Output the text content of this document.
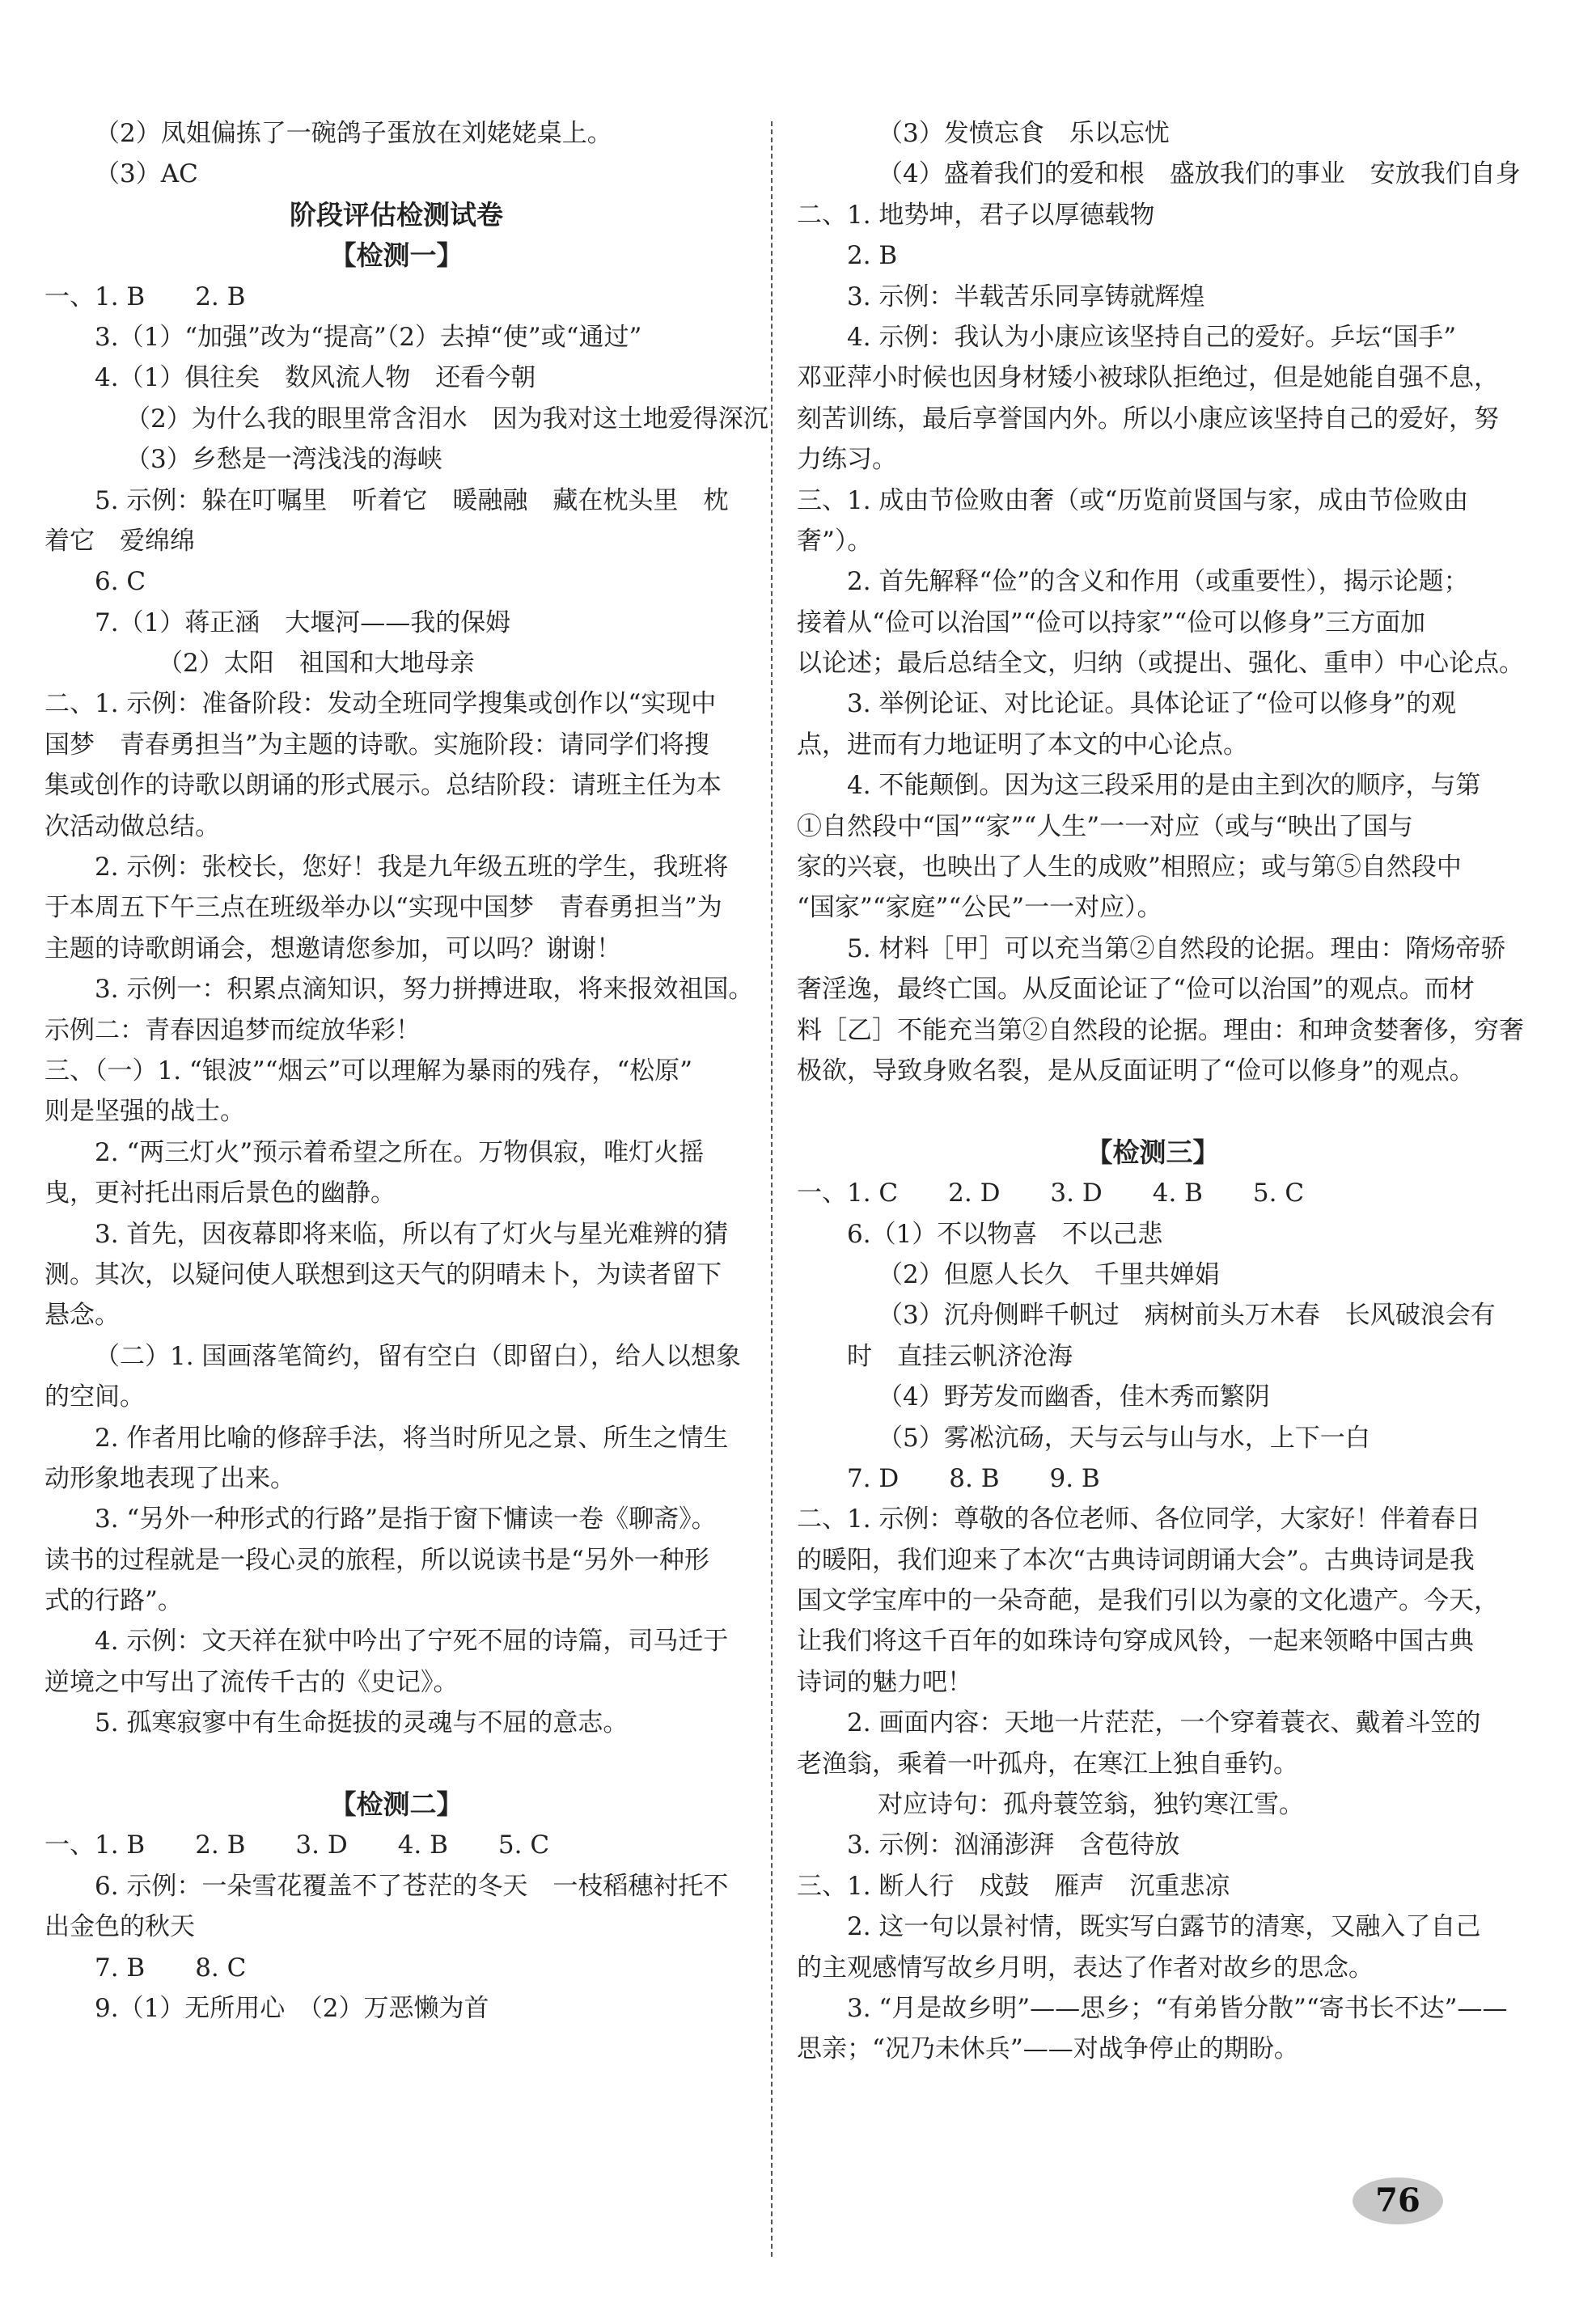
（2）凤姐偏拣了一碗鸽子蛋放在刘姥姥桌上。
（3）AC
阶段评估检测试卷
【检测一】
一、1. B　　2. B
3.（1）“加强”改为“提高”（2）去掉“使”或“通过”
4.（1）俱往矣　数风流人物　还看今朝
（2）为什么我的眼里常含泪水　因为我对这土地爱得深沉
（3）乡愁是一湾浅浅的海峡
5. 示例：躲在叮嘱里　听着它　暖融融　藏在枕头里　枕
着它　爱绵绵
6. C
7.（1）蒋正涵　大堰河——我的保姆
（2）太阳　祖国和大地母亲
二、1. 示例：准备阶段：发动全班同学搜集或创作以“实现中
国梦　青春勇担当”为主题的诗歌。实施阶段：请同学们将搜
集或创作的诗歌以朗诵的形式展示。总结阶段：请班主任为本
次活动做总结。
2. 示例：张校长，您好！我是九年级五班的学生，我班将
于本周五下午三点在班级举办以“实现中国梦　青春勇担当”为
主题的诗歌朗诵会，想邀请您参加，可以吗？谢谢！
3. 示例一：积累点滴知识，努力拼搏进取，将来报效祖国。
示例二：青春因追梦而绽放华彩！
三、（一）1. “银波”“烟云”可以理解为暴雨的残存，“松原”
则是坚强的战士。
2. “两三灯火”预示着希望之所在。万物俱寂，唯灯火摇
曳，更衬托出雨后景色的幽静。
3. 首先，因夜幕即将来临，所以有了灯火与星光难辨的猜
测。其次，以疑问使人联想到这天气的阴晴未卜，为读者留下
悬念。
（二）1. 国画落笔简约，留有空白（即留白），给人以想象
的空间。
2. 作者用比喻的修辞手法，将当时所见之景、所生之情生
动形象地表现了出来。
3. “另外一种形式的行路”是指于窗下慵读一卷《聊斋》。
读书的过程就是一段心灵的旅程，所以说读书是“另外一种形
式的行路”。
4. 示例：文天祥在狱中吟出了宁死不屈的诗篇，司马迁于
逆境之中写出了流传千古的《史记》。
5. 孤寒寂寥中有生命挺拔的灵魂与不屈的意志。
【检测二】
一、1. B　　2. B　　3. D　　4. B　　5. C
6. 示例：一朵雪花覆盖不了苍茫的冬天　一枝稻穗衬托不
出金色的秋天
7. B　　8. C
9.（1）无所用心　（2）万恶懒为首
（3）发愤忘食　乐以忘忧
（4）盛着我们的爱和根　盛放我们的事业　安放我们自身
二、1. 地势坤，君子以厚德载物
2. B
3. 示例：半载苦乐同享铸就辉煌
4. 示例：我认为小康应该坚持自己的爱好。乒坛“国手”
邓亚萍小时候也因身材矮小被球队拒绝过，但是她能自强不息，
刻苦训练，最后享誉国内外。所以小康应该坚持自己的爱好，努
力练习。
三、1. 成由节俭败由奢（或“历览前贤国与家，成由节俭败由
奢”）。
2. 首先解释“俭”的含义和作用（或重要性），揭示论题；
接着从“俭可以治国”“俭可以持家”“俭可以修身”三方面加
以论述；最后总结全文，归纳（或提出、强化、重申）中心论点。
3. 举例论证、对比论证。具体论证了“俭可以修身”的观
点，进而有力地证明了本文的中心论点。
4. 不能颠倒。因为这三段采用的是由主到次的顺序，与第
①自然段中“国”“家”“人生”一一对应（或与“映出了国与
家的兴衰，也映出了人生的成败”相照应；或与第⑤自然段中
“国家”“家庭”“公民”一一对应）。
5. 材料［甲］可以充当第②自然段的论据。理由：隋炀帝骄
奢淫逸，最终亡国。从反面论证了“俭可以治国”的观点。而材
料［乙］不能充当第②自然段的论据。理由：和珅贪婪奢侈，穷奢
极欲，导致身败名裂，是从反面证明了“俭可以修身”的观点。
【检测三】
一、1. C　　2. D　　3. D　　4. B　　5. C
6.（1）不以物喜　不以己悲
（2）但愿人长久　千里共婵娟
（3）沉舟侧畔千帆过　病树前头万木春　长风破浪会有
时　直挂云帆济沧海
（4）野芳发而幽香，佳木秀而繁阴
（5）雾凇沆砀，天与云与山与水，上下一白
7. D　　8. B　　9. B
二、1. 示例：尊敬的各位老师、各位同学，大家好！伴着春日
的暖阳，我们迎来了本次“古典诗词朗诵大会”。古典诗词是我
国文学宝库中的一朵奇葩，是我们引以为豪的文化遗产。今天，
让我们将这千百年的如珠诗句穿成风铃，一起来领略中国古典
诗词的魅力吧！
2. 画面内容：天地一片茫茫，一个穿着蓑衣、戴着斗笠的
老渔翁，乘着一叶孤舟，在寒江上独自垂钓。
对应诗句：孤舟蓑笠翁，独钓寒江雪。
3. 示例：汹涌澎湃　含苞待放
三、1. 断人行　戍鼓　雁声　沉重悲凉
2. 这一句以景衬情，既实写白露节的清寒，又融入了自己
的主观感情写故乡月明，表达了作者对故乡的思念。
3. “月是故乡明”——思乡；“有弟皆分散”“寄书长不达”——
思亲；“况乃未休兵”——对战争停止的期盼。
76
